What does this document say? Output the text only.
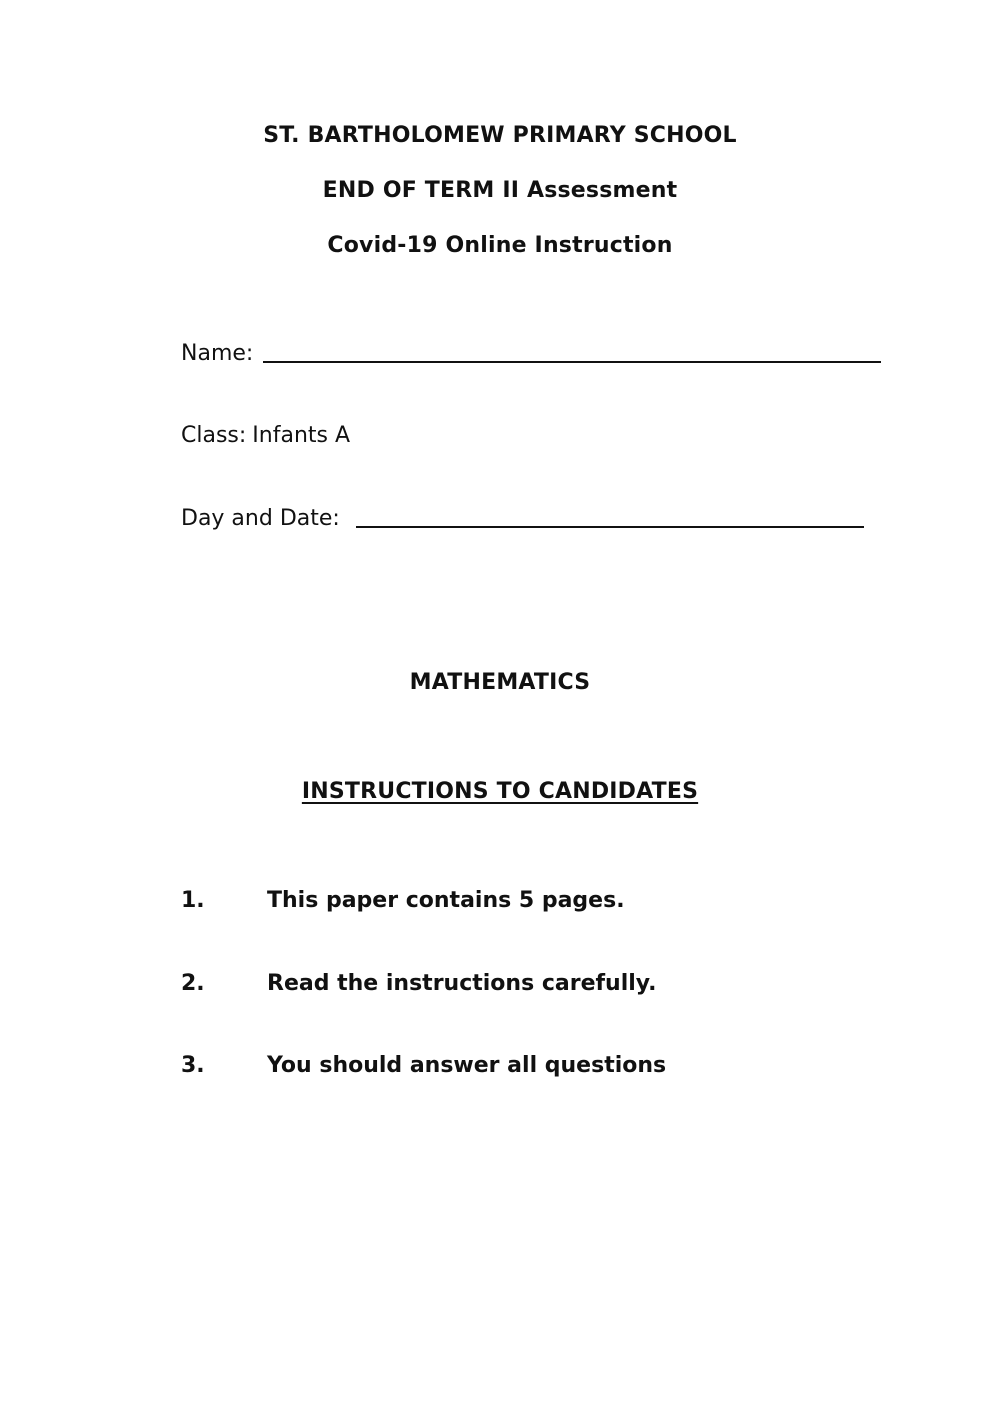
ST. BARTHOLOMEW PRIMARY SCHOOL
END OF TERM II Assessment
Covid-19 Online Instruction
Name:
Class: Infants A
Day and Date:
MATHEMATICS
INSTRUCTIONS TO CANDIDATES
1.	This paper contains 5 pages.
2.	Read the instructions carefully.
3.	You should answer all questions
